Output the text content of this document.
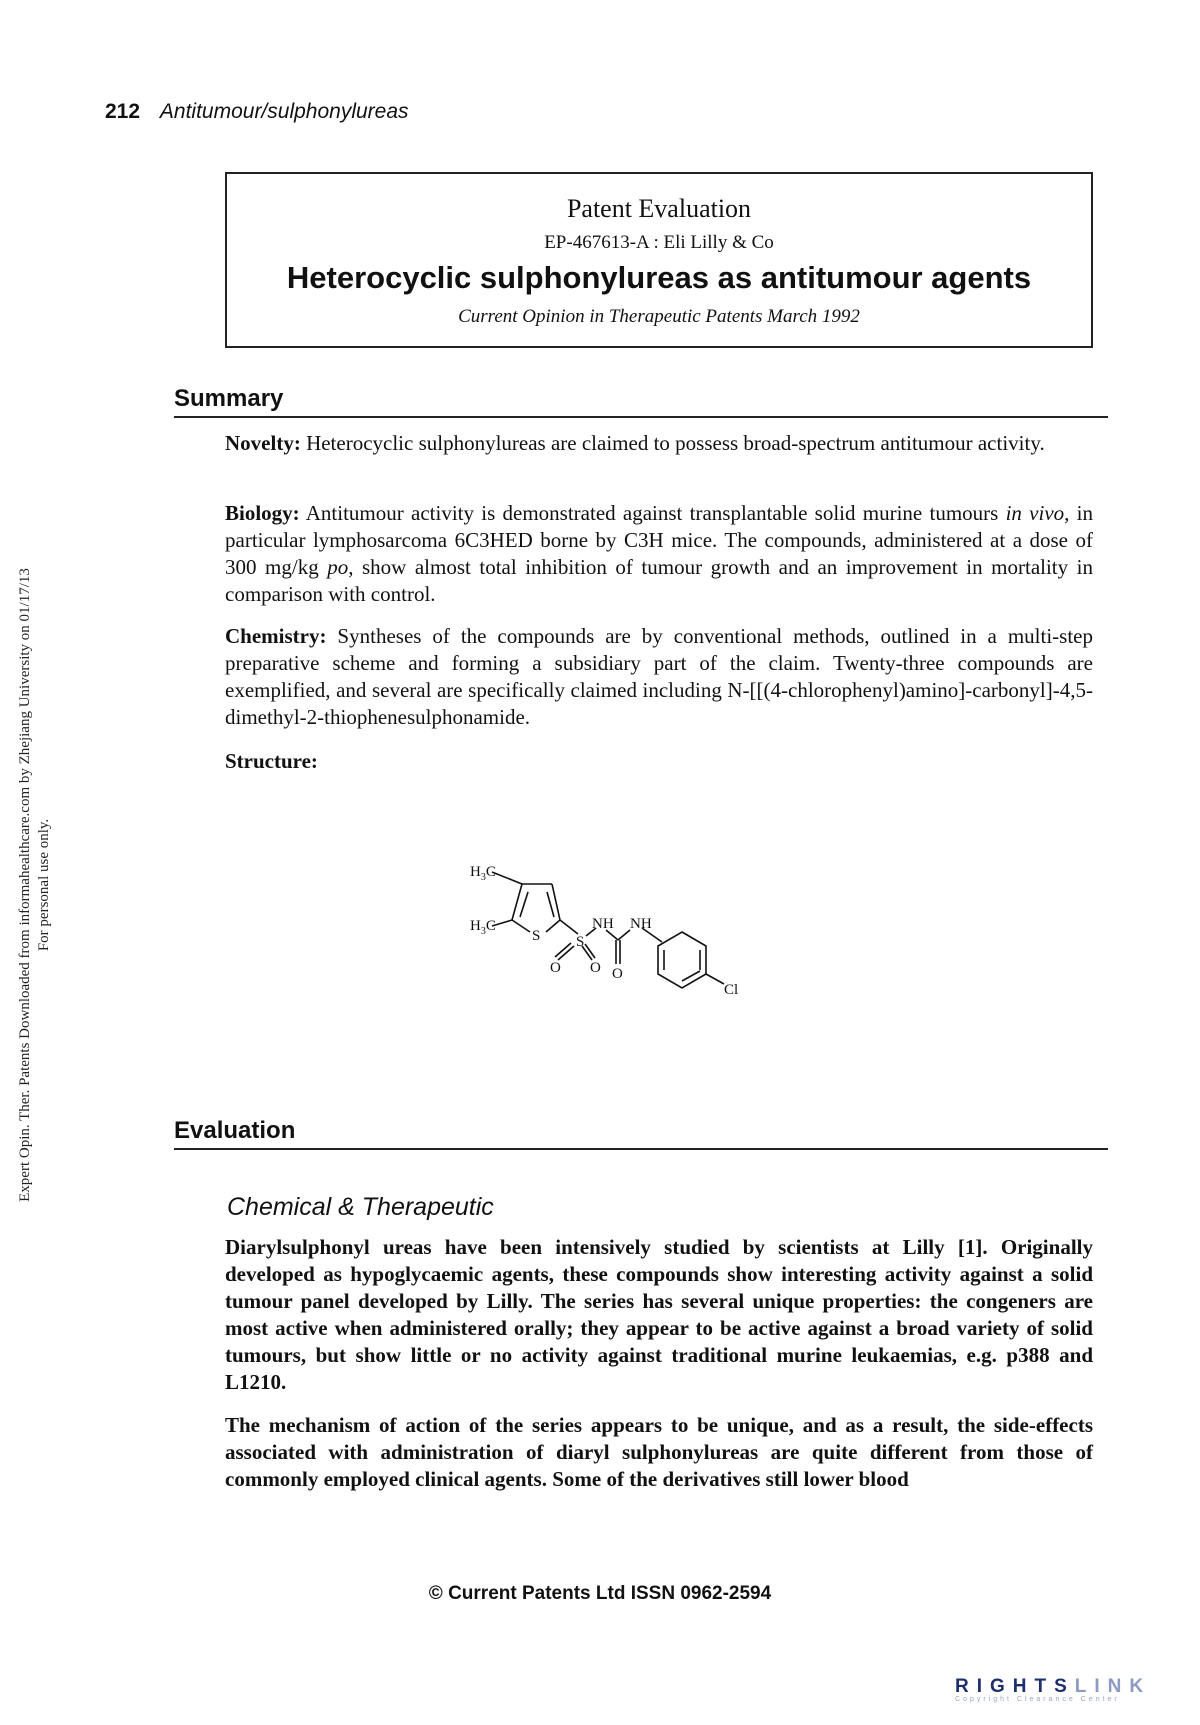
Expert Opin. Ther. Patents Downloaded from informahealthcare.com by Zhejiang University on 01/17/13 For personal use only.
212 Antitumour/sulphonylureas
Patent Evaluation
EP-467613-A : Eli Lilly & Co
Heterocyclic sulphonylureas as antitumour agents
Current Opinion in Therapeutic Patents March 1992
Summary

Novelty: Heterocyclic sulphonylureas are claimed to possess broad-spectrum antitumour activity.

Biology: Antitumour activity is demonstrated against transplantable solid murine tumours in vivo, in particular lymphosarcoma 6C3HED borne by C3H mice. The compounds, administered at a dose of 300 mg/kg po, show almost total inhibition of tumour growth and an improvement in mortality in comparison with control.

Chemistry: Syntheses of the compounds are by conventional methods, outlined in a multi-step preparative scheme and forming a subsidiary part of the claim. Twenty-three compounds are exemplified, and several are specifically claimed including N-[[(4-chlorophenyl)amino]-carbonyl]-4,5-dimethyl-2-thiophenesulphonamide.

Structure:

$H_3C$
$H_3C$
S S
NH NH
O O O
Cl
Evaluation
Chemical & Therapeutic

Diarylsulphonyl ureas have been intensively studied by scientists at Lilly [1]. Originally developed as hypoglycaemic agents, these compounds show interesting activity against a solid tumour panel developed by Lilly. The series has several unique properties: the congeners are most active when administered orally; they appear to be active against a broad variety of solid tumours, but show little or no activity against traditional murine leukaemias, e.g. p388 and L1210.

The mechanism of action of the series appears to be unique, and as a result, the side-effects associated with administration of diaryl sulphonylureas are quite different from those of commonly employed clinical agents. Some of the derivatives still lower blood

© Current Patents Ltd ISSN 0962-2594
RIGHTSLINK
Copyright Clearance Center
